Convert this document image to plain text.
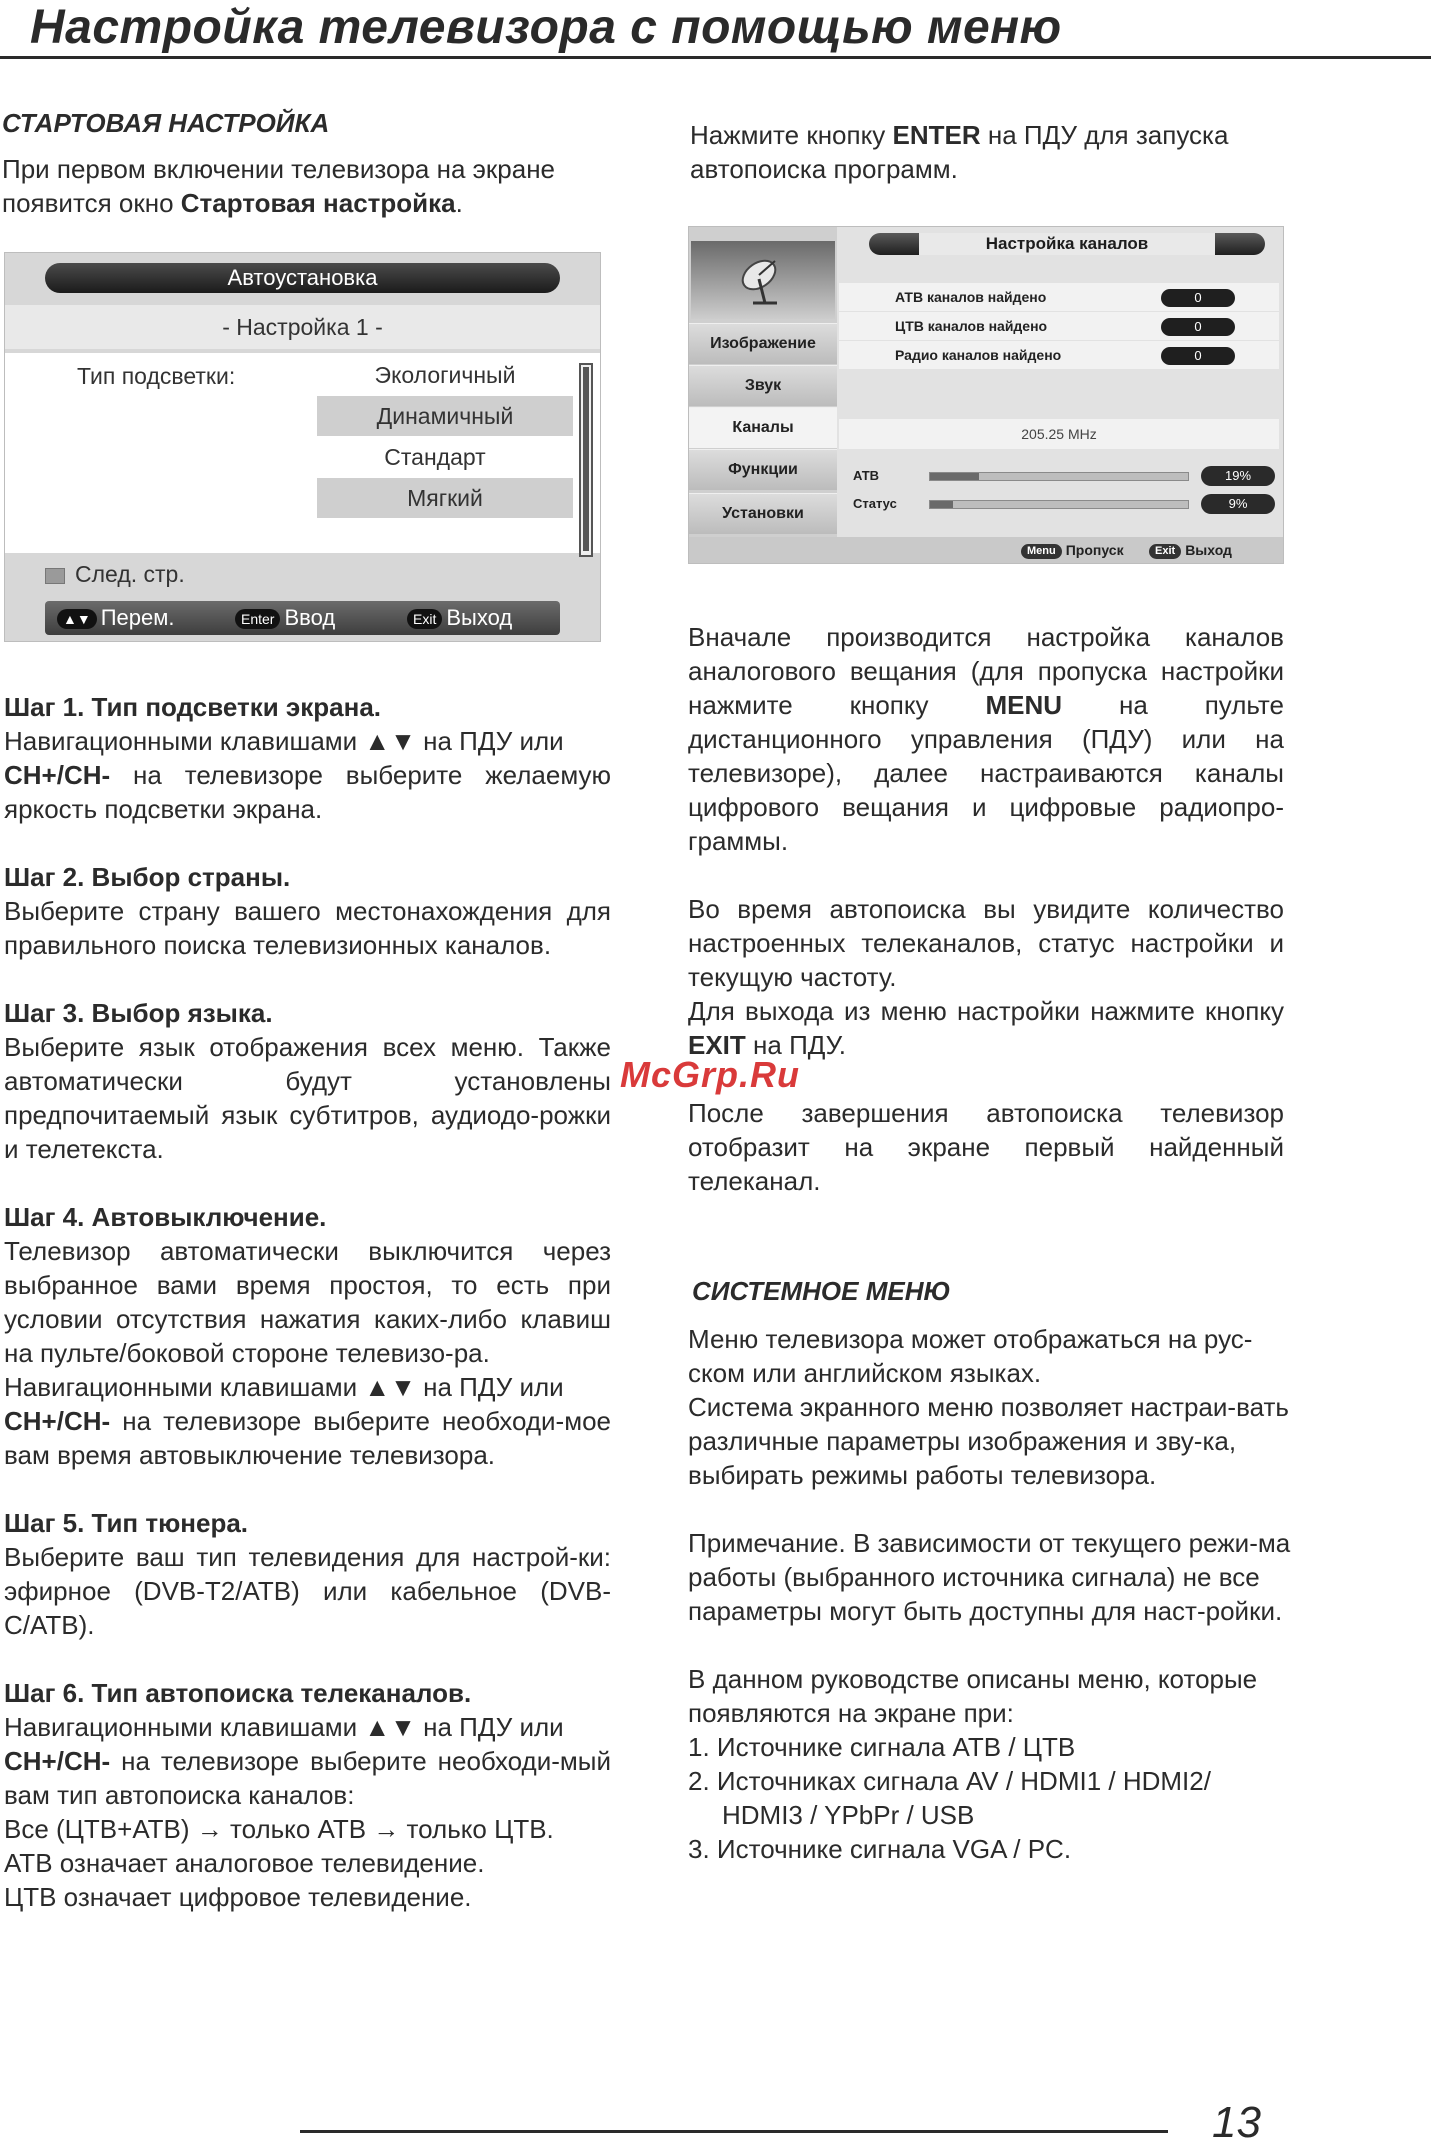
Настройка телевизора с помощью меню

СТАРТОВАЯ НАСТРОЙКА

При первом включении телевизора на экране
появится окно Стартовая настройка.

Автоустановка
- Настройка 1 -
Тип подсветки:	Экологичный
Динамичный
Стандарт
Мягкий
След. стр.
▲▼ Перем.	Enter Ввод	Exit Выход

Шаг 1. Тип подсветки экрана.

Навигационными клавишами ▲▼ на ПДУ или
CH+/CH- на телевизоре выберите желаемую яркость подсветки экрана.

Шаг 2. Выбор страны.

Выберите страну вашего местонахождения для правильного поиска телевизионных каналов.

Шаг 3. Выбор языка.

Выберите язык отображения всех меню. Также автоматически будут установлены предпочитаемый язык субтитров, аудиодо-рожки и телетекста.

Шаг 4. Автовыключение.

Телевизор автоматически выключится через выбранное вами время простоя, то есть при условии отсутствия нажатия каких-либо клавиш на пульте/боковой стороне телевизо-ра.

Навигационными клавишами ▲▼ на ПДУ или
CH+/CH- на телевизоре выберите необходи-мое вам время автовыключение телевизора.

Шаг 5. Тип тюнера.

Выберите ваш тип телевидения для настрой-ки: эфирное (DVB-T2/ATB) или кабельное (DVB-C/ATB).

Шаг 6. Тип автопоиска телеканалов.

Навигационными клавишами ▲▼ на ПДУ или
CH+/CH- на телевизоре выберите необходи-мый вам тип автопоиска каналов:

Все (ЦТВ+АТВ) → только АТВ → только ЦТВ.

АТВ означает аналоговое телевидение.

ЦТВ означает цифровое телевидение.

Нажмите кнопку ENTER на ПДУ для запуска автопоиска программ.

Изображение
Звук
Каналы
Функции
Установки
Настройка каналов
АТВ каналов найдено	0
ЦТВ каналов найдено	0
Радио каналов найдено	0
205.25 MHz
АТВ	19%
Статус	9%
Menu Пропуск	Exit Выход

Вначале производится настройка каналов аналогового вещания (для пропуска настройки нажмите кнопку MENU на пульте дистанционного управления (ПДУ) или на телевизоре), далее настраиваются каналы цифрового вещания и цифровые радиопро-граммы.

Во время автопоиска вы увидите количество настроенных телеканалов, статус настройки и текущую частоту.

Для выхода из меню настройки нажмите кнопку EXIT на ПДУ.

После завершения автопоиска телевизор отобразит на экране первый найденный телеканал.

СИСТЕМНОЕ МЕНЮ

Меню телевизора может отображаться на рус-ском или английском языках.

Система экранного меню позволяет настраи-вать различные параметры изображения и зву-ка, выбирать режимы работы телевизора.

Примечание. В зависимости от текущего режи-ма работы (выбранного источника сигнала) не все параметры могут быть доступны для наст-ройки.

В данном руководстве описаны меню, которые появляются на экране при:

1. Источнике сигнала АТВ / ЦТВ

2. Источниках сигнала AV / HDMI1 / HDMI2/

HDMI3 / YPbPr / USB

3. Источнике сигнала VGA / PC.

McGrp.Ru
13
